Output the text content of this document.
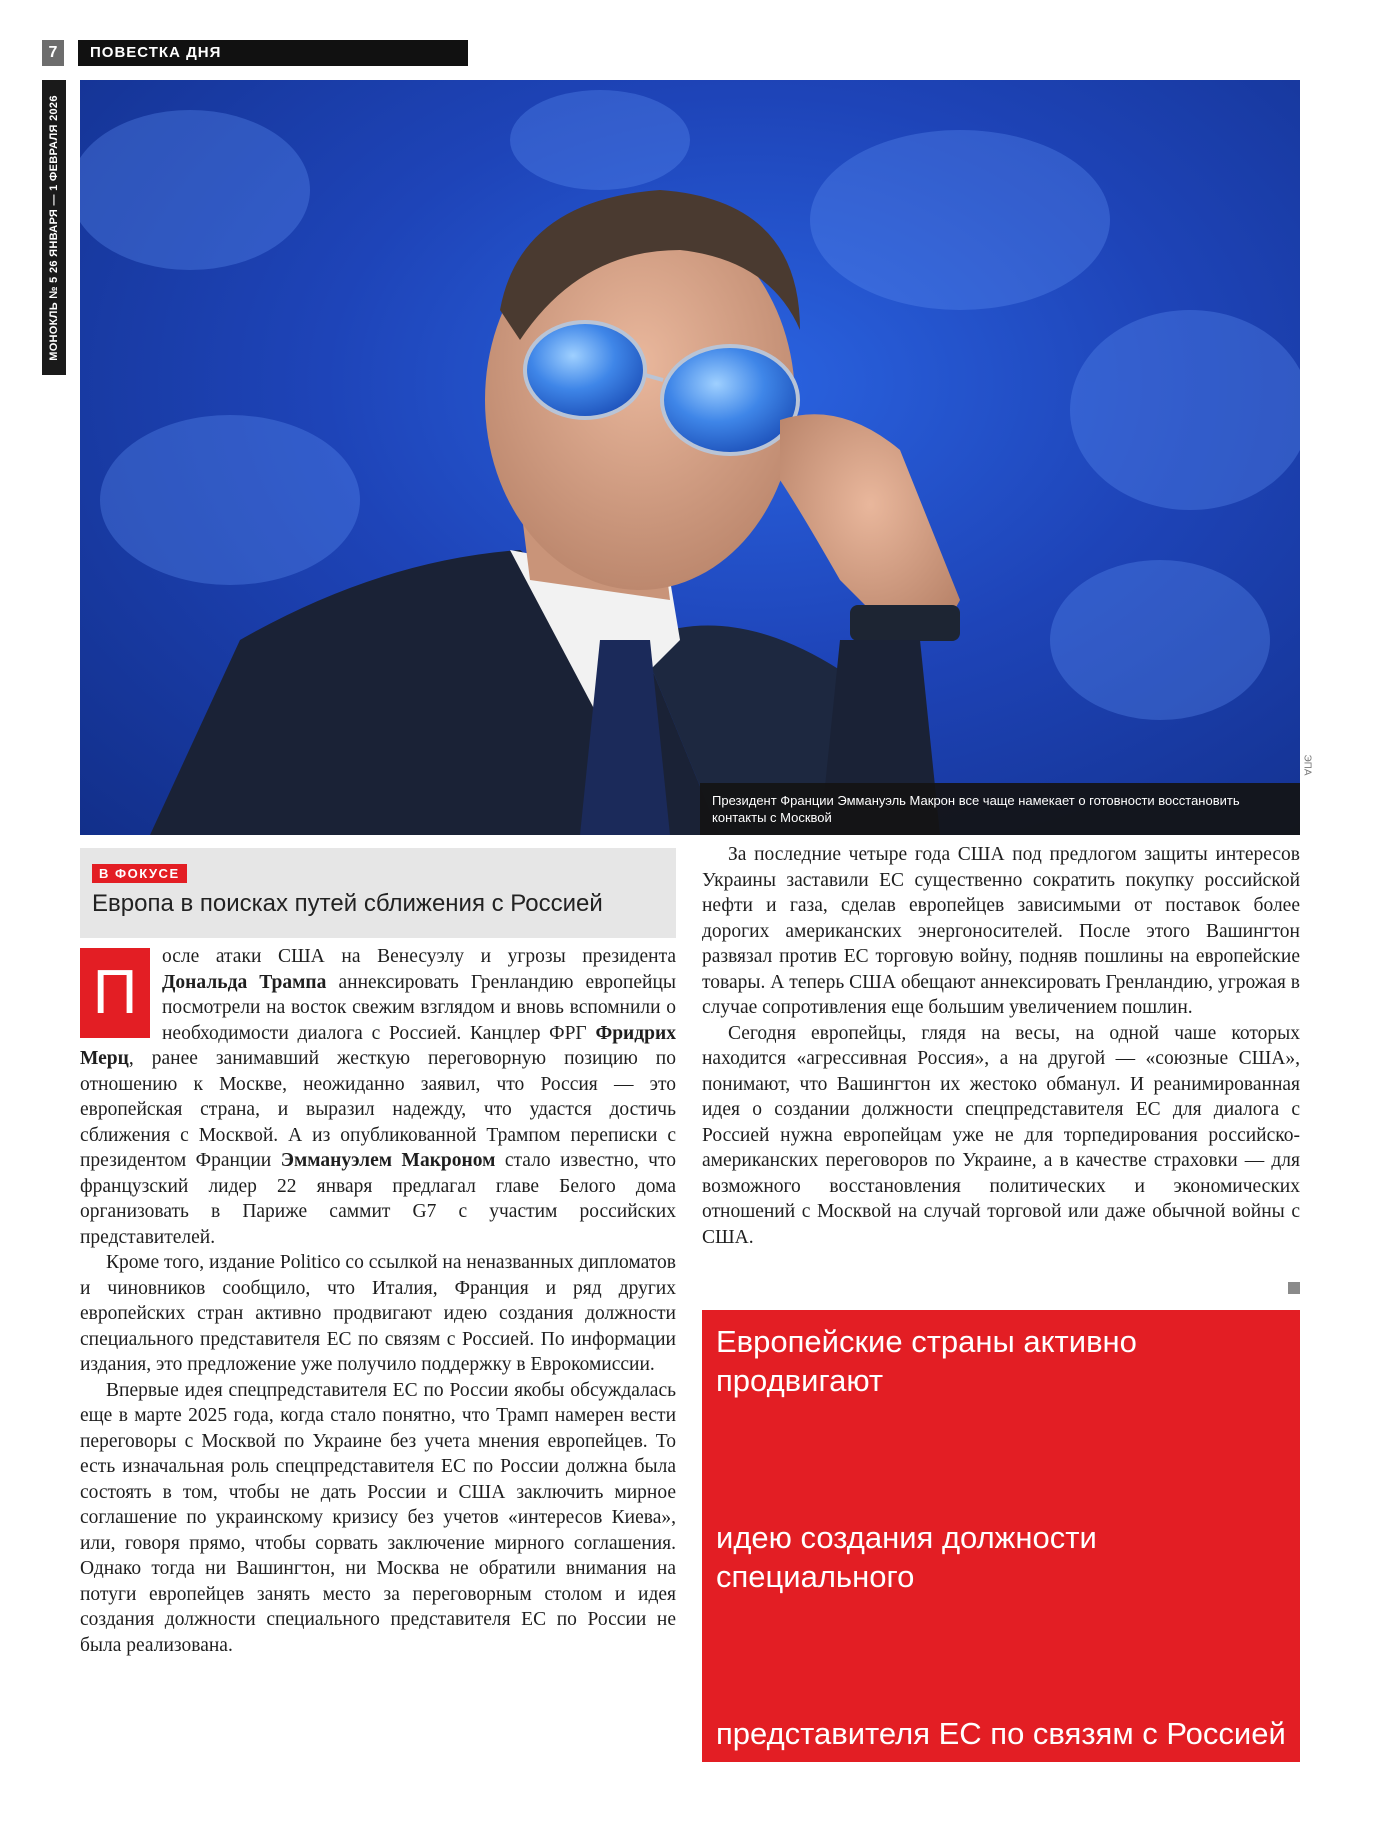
7	ПОВЕСТКА ДНЯ
МОНОКЛЬ № 5 26 ЯНВАРЯ — 1 ФЕВРАЛЯ 2026
Президент Франции Эммануэль Макрон все чаще намекает о готовности восстановить контакты с Москвой
ЭПА
В ФОКУСЕ
Европа в поисках путей сближения с Россией

П
осле атаки США на Венесуэлу и угрозы президента Дональда Трампа аннексировать Гренландию европейцы посмотрели на восток свежим взглядом и вновь вспомнили о необходимости диалога с Россией. Канцлер ФРГ Фридрих Мерц, ранее занимавший жесткую переговорную позицию по отношению к Москве, неожиданно заявил, что Россия — это европейская страна, и выразил надежду, что удастся достичь сближения с Москвой. А из опубликованной Трампом переписки с президентом Франции Эммануэлем Макроном стало известно, что французский лидер 22 января предлагал главе Белого дома организовать в Париже саммит G7 с участим российских представителей.

Кроме того, издание Politico со ссылкой на неназванных дипломатов и чиновников сообщило, что Италия, Франция и ряд других европейских стран активно продвигают идею создания должности специального представителя ЕС по связям с Россией. По информации издания, это предложение уже получило поддержку в Еврокомиссии.

Впервые идея спецпредставителя ЕС по России якобы обсуждалась еще в марте 2025 года, когда стало понятно, что Трамп намерен вести переговоры с Москвой по Украине без учета мнения европейцев. То есть изначальная роль спецпредставителя ЕС по России должна была состоять в том, чтобы не дать России и США заключить мирное соглашение по украинскому кризису без учетов «интересов Киева», или, говоря прямо, чтобы сорвать заключение мирного соглашения. Однако тогда ни Вашингтон, ни Москва не обратили внимания на потуги европейцев занять место за переговорным столом и идея создания должности специального представителя ЕС по России не была реализована.

За последние четыре года США под предлогом защиты интересов Украины заставили ЕС существенно сократить покупку российской нефти и газа, сделав европейцев зависимыми от поставок более дорогих американских энергоносителей. После этого Вашингтон развязал против ЕС торговую войну, подняв пошлины на европейские товары. А теперь США обещают аннексировать Гренландию, угрожая в случае сопротивления еще большим увеличением пошлин.

Сегодня европейцы, глядя на весы, на одной чаше которых находится «агрессивная Россия», а на другой — «союзные США», понимают, что Вашингтон их жестоко обманул. И реанимированная идея о создании должности спецпредставителя ЕС для диалога с Россией нужна европейцам уже не для торпедирования российско-американских переговоров по Украине, а в качестве страховки — для возможного восстановления политических и экономических отношений с Москвой на случай торговой или даже обычной войны с США.

Европейские страны активно продвигают
идею создания должности специального
представителя ЕС по связям с Россией
